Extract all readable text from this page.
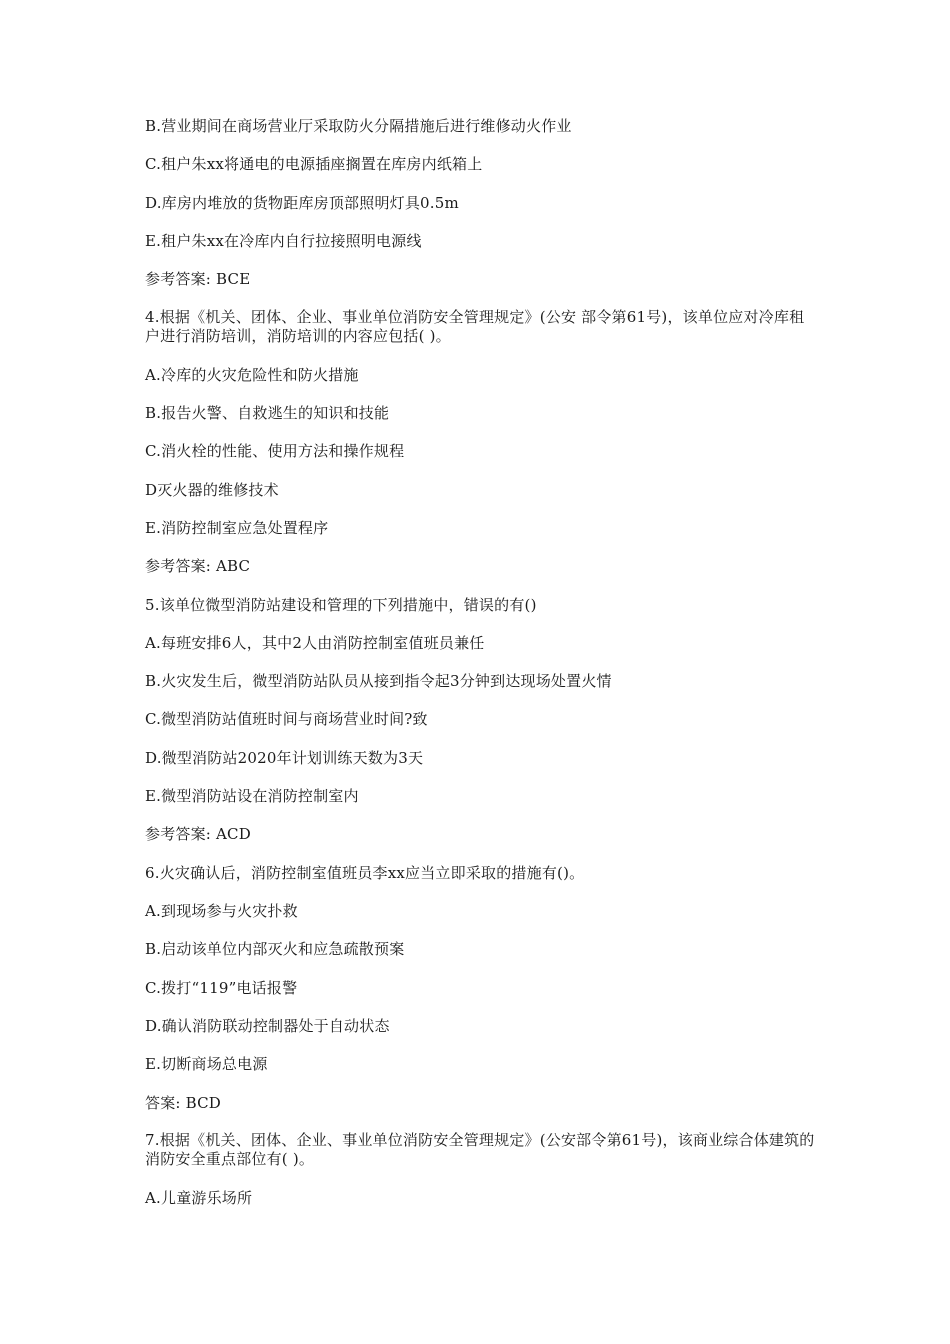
B.营业期间在商场营业厅采取防火分隔措施后进行维修动火作业
C.租户朱xx将通电的电源插座搁置在库房内纸箱上
D.库房内堆放的货物距库房顶部照明灯具0.5m
E.租户朱xx在冷库内自行拉接照明电源线
参考答案: BCE
4.根据《机关、团体、企业、事业单位消防安全管理规定》(公安 部令第61号)，该单位应对冷库租户进行消防培训，消防培训的内容应包括( )。
A.冷库的火灾危险性和防火措施
B.报告火警、自救逃生的知识和技能
C.消火栓的性能、使用方法和操作规程
D灭火器的维修技术
E.消防控制室应急处置程序
参考答案: ABC
5.该单位微型消防站建设和管理的下列措施中，错误的有()
A.每班安排6人，其中2人由消防控制室值班员兼任
B.火灾发生后，微型消防站队员从接到指令起3分钟到达现场处置火情
C.微型消防站值班时间与商场营业时间?致
D.微型消防站2020年计划训练天数为3天
E.微型消防站设在消防控制室内
参考答案: ACD
6.火灾确认后，消防控制室值班员李xx应当立即采取的措施有()。
A.到现场参与火灾扑救
B.启动该单位内部灭火和应急疏散预案
C.拨打“119”电话报警
D.确认消防联动控制器处于自动状态
E.切断商场总电源
答案: BCD
7.根据《机关、团体、企业、事业单位消防安全管理规定》(公安部令第61号)，该商业综合体建筑的消防安全重点部位有( )。
A.儿童游乐场所
